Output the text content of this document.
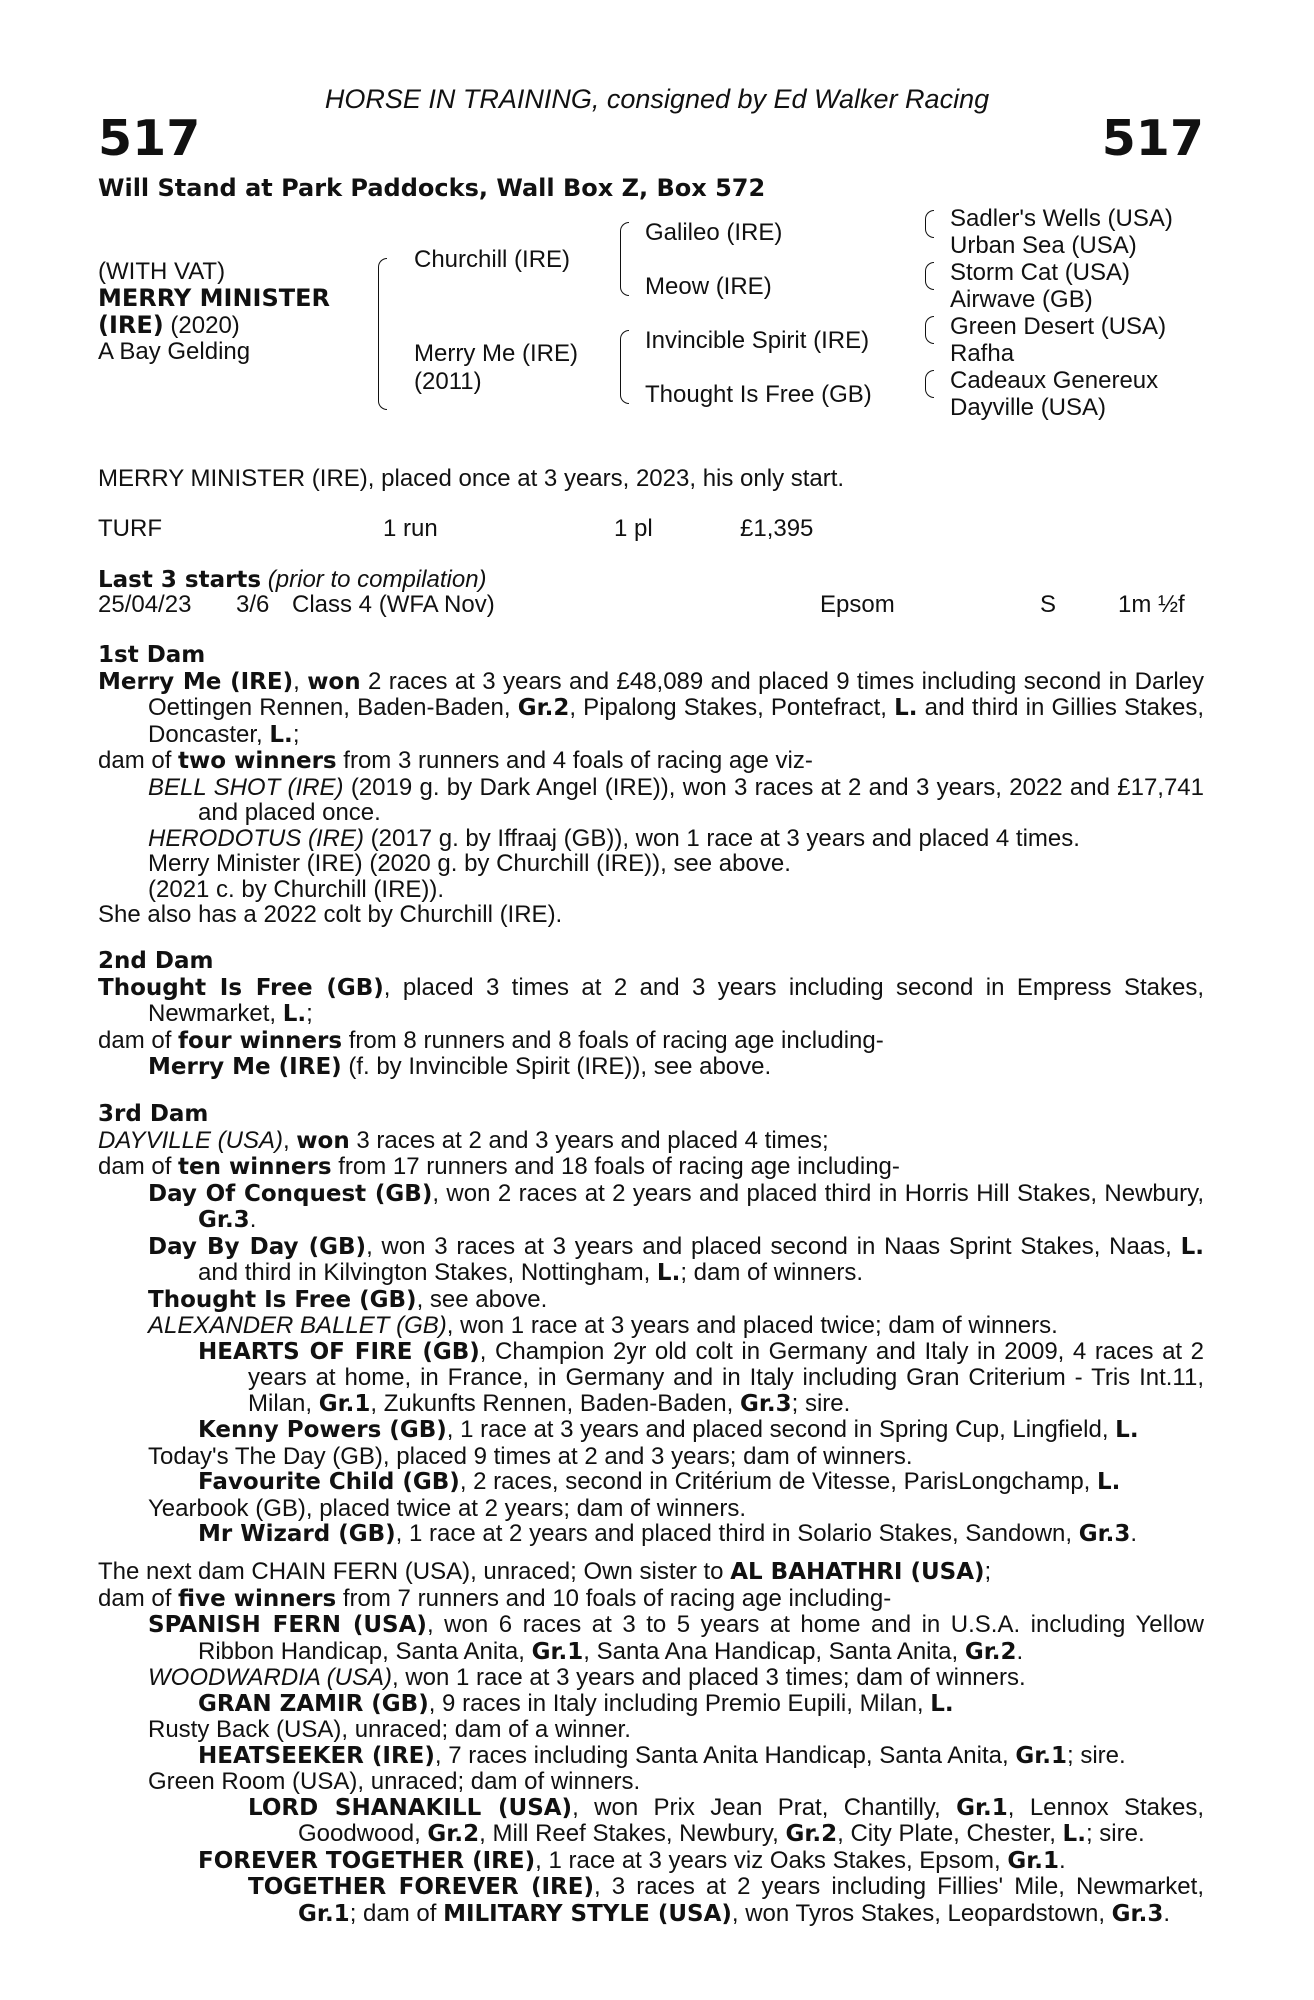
HORSE IN TRAINING, consigned by Ed Walker Racing
517	517
Will Stand at Park Paddocks, Wall Box Z, Box 572
(WITH VAT)
MERRY MINISTER
(IRE) (2020)
A Bay Gelding
Churchill (IRE)
Merry Me (IRE)
(2011)
Galileo (IRE)
Meow (IRE)
Invincible Spirit (IRE)
Thought Is Free (GB)
Sadler's Wells (USA)
Urban Sea (USA)
Storm Cat (USA)
Airwave (GB)
Green Desert (USA)
Rafha
Cadeaux Genereux
Dayville (USA)
MERRY MINISTER (IRE), placed once at 3 years, 2023, his only start.
TURF	1 run	1 pl	£1,395
Last 3 starts (prior to compilation)
25/04/23 3/6 Class 4 (WFA Nov)	Epsom	S	1m ½f

1st Dam

Merry Me (IRE), won 2 races at 3 years and £48,089 and placed 9 times including second in Darley Oettingen Rennen, Baden-Baden, Gr.2, Pipalong Stakes, Pontefract, L. and third in Gillies Stakes, Doncaster, L.;

dam of two winners from 3 runners and 4 foals of racing age viz-

BELL SHOT (IRE) (2019 g. by Dark Angel (IRE)), won 3 races at 2 and 3 years, 2022 and £17,741 and placed once.

HERODOTUS (IRE) (2017 g. by Iffraaj (GB)), won 1 race at 3 years and placed 4 times.

Merry Minister (IRE) (2020 g. by Churchill (IRE)), see above.

(2021 c. by Churchill (IRE)).

She also has a 2022 colt by Churchill (IRE).

2nd Dam

Thought Is Free (GB), placed 3 times at 2 and 3 years including second in Empress Stakes, Newmarket, L.;

dam of four winners from 8 runners and 8 foals of racing age including-

Merry Me (IRE) (f. by Invincible Spirit (IRE)), see above.

3rd Dam

DAYVILLE (USA), won 3 races at 2 and 3 years and placed 4 times;

dam of ten winners from 17 runners and 18 foals of racing age including-

Day Of Conquest (GB), won 2 races at 2 years and placed third in Horris Hill Stakes, Newbury, Gr.3.

Day By Day (GB), won 3 races at 3 years and placed second in Naas Sprint Stakes, Naas, L. and third in Kilvington Stakes, Nottingham, L.; dam of winners.

Thought Is Free (GB), see above.

ALEXANDER BALLET (GB), won 1 race at 3 years and placed twice; dam of winners.

HEARTS OF FIRE (GB), Champion 2yr old colt in Germany and Italy in 2009, 4 races at 2 years at home, in France, in Germany and in Italy including Gran Criterium - Tris Int.11, Milan, Gr.1, Zukunfts Rennen, Baden-Baden, Gr.3; sire.

Kenny Powers (GB), 1 race at 3 years and placed second in Spring Cup, Lingfield, L.

Today's The Day (GB), placed 9 times at 2 and 3 years; dam of winners.

Favourite Child (GB), 2 races, second in Critérium de Vitesse, ParisLongchamp, L.

Yearbook (GB), placed twice at 2 years; dam of winners.

Mr Wizard (GB), 1 race at 2 years and placed third in Solario Stakes, Sandown, Gr.3.

The next dam CHAIN FERN (USA), unraced; Own sister to AL BAHATHRI (USA);

dam of five winners from 7 runners and 10 foals of racing age including-

SPANISH FERN (USA), won 6 races at 3 to 5 years at home and in U.S.A. including Yellow Ribbon Handicap, Santa Anita, Gr.1, Santa Ana Handicap, Santa Anita, Gr.2.

WOODWARDIA (USA), won 1 race at 3 years and placed 3 times; dam of winners.

GRAN ZAMIR (GB), 9 races in Italy including Premio Eupili, Milan, L.

Rusty Back (USA), unraced; dam of a winner.

HEATSEEKER (IRE), 7 races including Santa Anita Handicap, Santa Anita, Gr.1; sire.

Green Room (USA), unraced; dam of winners.

LORD SHANAKILL (USA), won Prix Jean Prat, Chantilly, Gr.1, Lennox Stakes, Goodwood, Gr.2, Mill Reef Stakes, Newbury, Gr.2, City Plate, Chester, L.; sire.

FOREVER TOGETHER (IRE), 1 race at 3 years viz Oaks Stakes, Epsom, Gr.1.

TOGETHER FOREVER (IRE), 3 races at 2 years including Fillies' Mile, Newmarket, Gr.1; dam of MILITARY STYLE (USA), won Tyros Stakes, Leopardstown, Gr.3.
